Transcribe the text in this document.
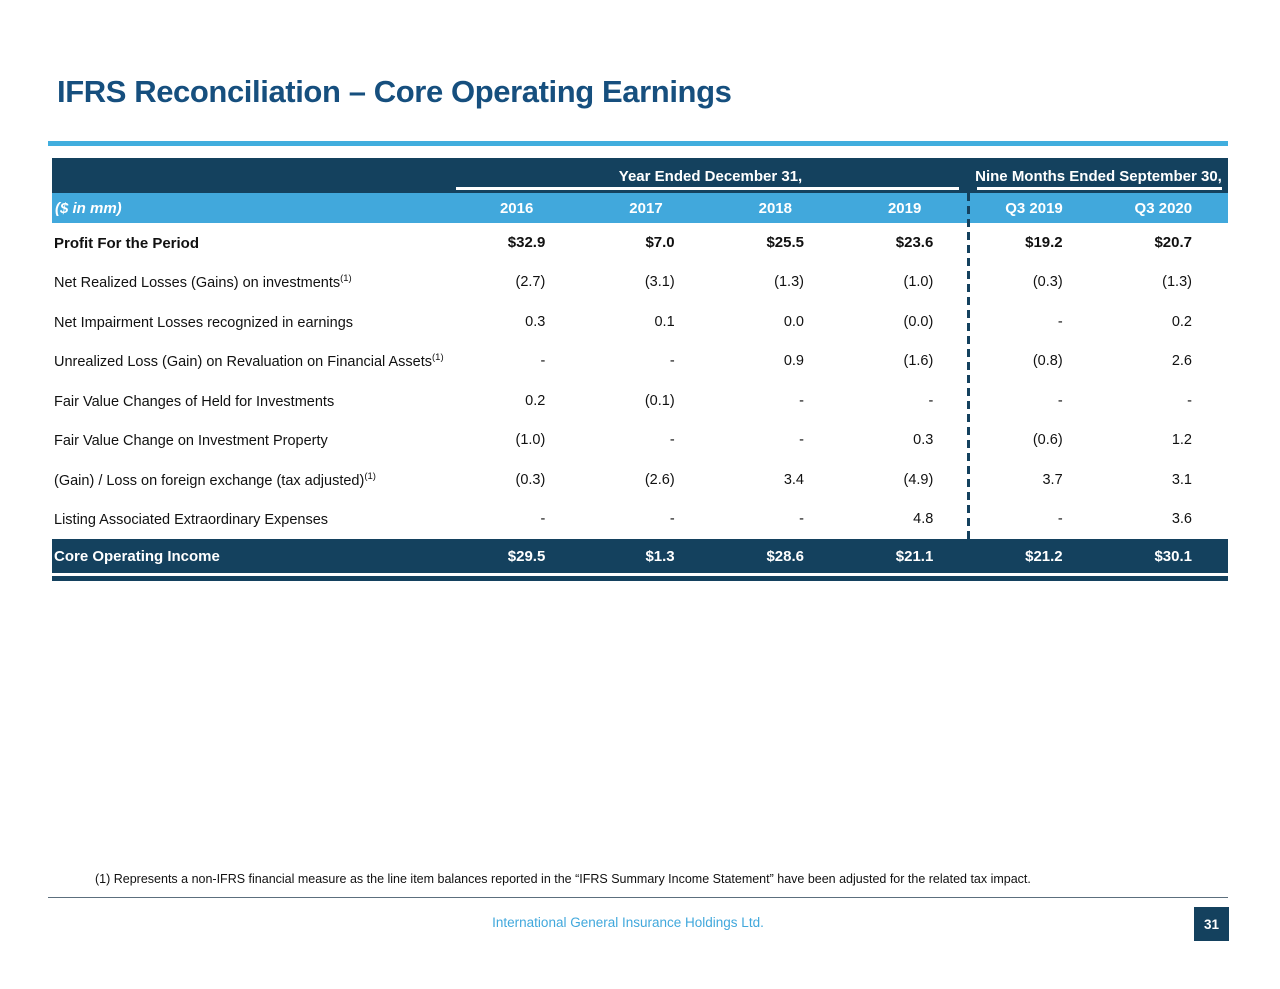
IFRS Reconciliation – Core Operating Earnings
Year Ended December 31,	Nine Months Ended September 30,
($ in mm)	2016	2017	2018	2019	Q3 2019	Q3 2020
Profit For the Period	$32.9	$7.0	$25.5	$23.6	$19.2	$20.7
Net Realized Losses (Gains) on investments$^{(1)}$	(2.7)	(3.1)	(1.3)	(1.0)	(0.3)	(1.3)
Net Impairment Losses recognized in earnings	0.3	0.1	0.0	(0.0)	-	0.2
Unrealized Loss (Gain) on Revaluation on Financial Assets$^{(1)}$	-	-	0.9	(1.6)	(0.8)	2.6
Fair Value Changes of Held for Investments	0.2	(0.1)	-	-	-	-
Fair Value Change on Investment Property	(1.0)	-	-	0.3	(0.6)	1.2
(Gain) / Loss on foreign exchange (tax adjusted)$^{(1)}$	(0.3)	(2.6)	3.4	(4.9)	3.7	3.1
Listing Associated Extraordinary Expenses	-	-	-	4.8	-	3.6
Core Operating Income	$29.5	$1.3	$28.6	$21.1	$21.2	$30.1
(1) Represents a non-IFRS financial measure as the line item balances reported in the “IFRS Summary Income Statement” have been adjusted for the related tax impact.
International General Insurance Holdings Ltd.	31
